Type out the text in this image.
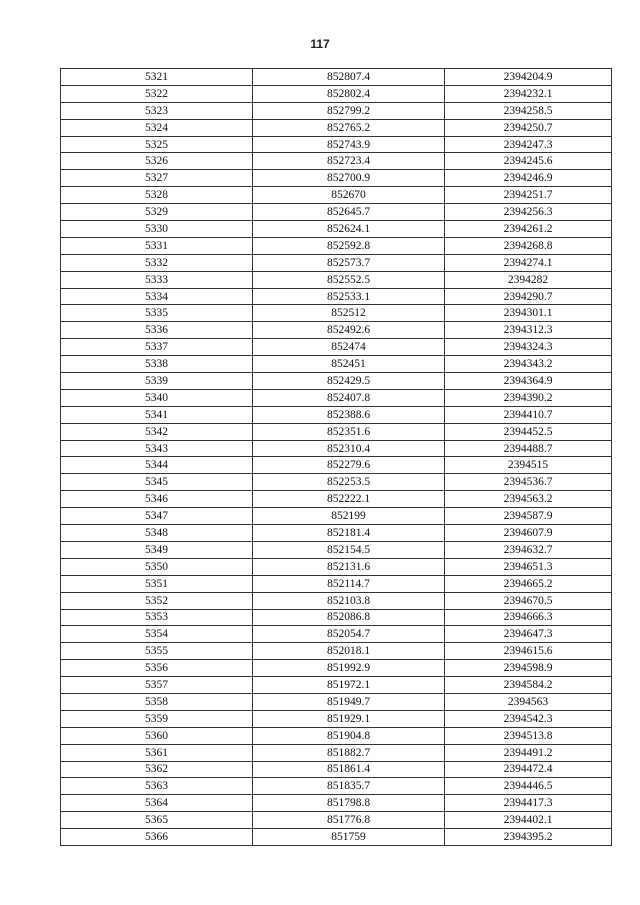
117
5321	852807.4	2394204.9
5322	852802.4	2394232.1
5323	852799.2	2394258.5
5324	852765.2	2394250.7
5325	852743.9	2394247.3
5326	852723.4	2394245.6
5327	852700.9	2394246.9
5328	852670	2394251.7
5329	852645.7	2394256.3
5330	852624.1	2394261.2
5331	852592.8	2394268.8
5332	852573.7	2394274.1
5333	852552.5	2394282
5334	852533.1	2394290.7
5335	852512	2394301.1
5336	852492.6	2394312.3
5337	852474	2394324.3
5338	852451	2394343.2
5339	852429.5	2394364.9
5340	852407.8	2394390.2
5341	852388.6	2394410.7
5342	852351.6	2394452.5
5343	852310.4	2394488.7
5344	852279.6	2394515
5345	852253.5	2394536.7
5346	852222.1	2394563.2
5347	852199	2394587.9
5348	852181.4	2394607.9
5349	852154.5	2394632.7
5350	852131.6	2394651.3
5351	852114.7	2394665.2
5352	852103.8	2394670.5
5353	852086.8	2394666.3
5354	852054.7	2394647.3
5355	852018.1	2394615.6
5356	851992.9	2394598.9
5357	851972.1	2394584.2
5358	851949.7	2394563
5359	851929.1	2394542.3
5360	851904.8	2394513.8
5361	851882.7	2394491.2
5362	851861.4	2394472.4
5363	851835.7	2394446.5
5364	851798.8	2394417.3
5365	851776.8	2394402.1
5366	851759	2394395.2
